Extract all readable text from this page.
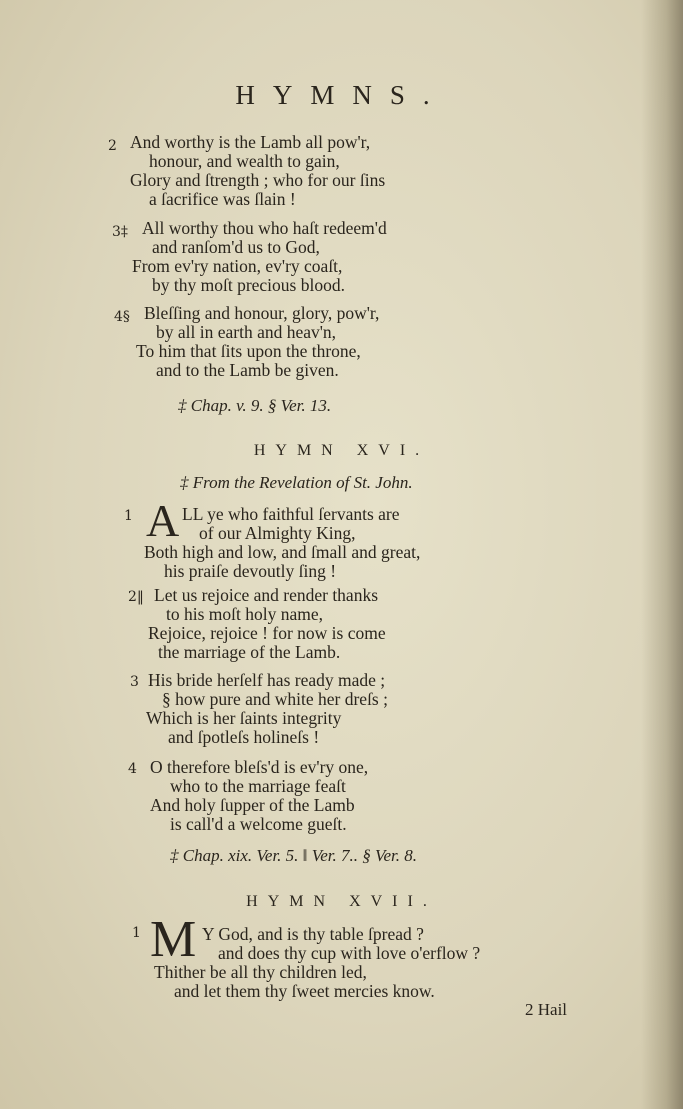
HYMNS.
2 And worthy is the Lamb all pow'r,
honour, and wealth to gain,
Glory and ſtrength ; who for our ſins
a ſacrifice was ſlain !
3‡ All worthy thou who haſt redeem'd
and ranſom'd us to God,
From ev'ry nation, ev'ry coaſt,
by thy moſt precious blood.
4§ Bleſſing and honour, glory, pow'r,
by all in earth and heav'n,
To him that ſits upon the throne,
and to the Lamb be given.
‡ Chap. v. 9. § Ver. 13.
HYMN XVI.
‡ From the Revelation of St. John.
1 A LL ye who faithful ſervants are
of our Almighty King,
Both high and low, and ſmall and great,
his praiſe devoutly ſing !
2‖ Let us rejoice and render thanks
to his moſt holy name,
Rejoice, rejoice ! for now is come
the marriage of the Lamb.
3 His bride herſelf has ready made ;
§ how pure and white her dreſs ;
Which is her ſaints integrity
and ſpotleſs holineſs !
4 O therefore bleſs'd is ev'ry one,
who to the marriage feaſt
And holy ſupper of the Lamb
is call'd a welcome gueſt.
‡ Chap. xix. Ver. 5. ‖ Ver. 7.. § Ver. 8.
HYMN XVII.
1 M Y God, and is thy table ſpread ?
and does thy cup with love o'erflow ?
Thither be all thy children led,
and let them thy ſweet mercies know.
2 Hail
